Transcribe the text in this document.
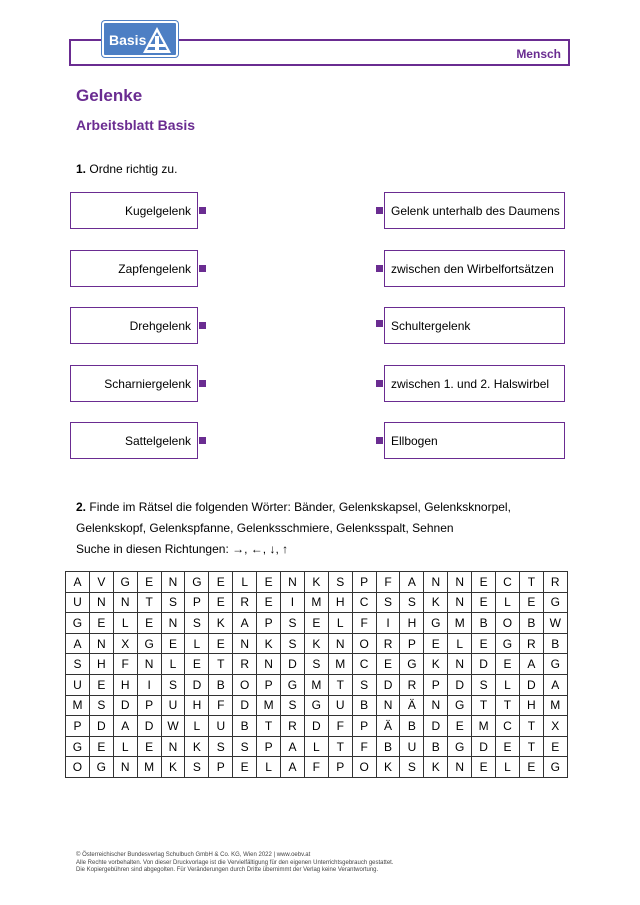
Mensch
Basis
Gelenke
Arbeitsblatt Basis
1. Ordne richtig zu.
Kugelgelenk
Zapfengelenk
Drehgelenk
Scharniergelenk
Sattelgelenk
Gelenk unterhalb des Daumens
zwischen den Wirbelfortsätzen
Schultergelenk
zwischen 1. und 2. Halswirbel
Ellbogen
2. Finde im Rätsel die folgenden Wörter: Bänder, Gelenkskapsel, Gelenksknorpel,
Gelenkskopf, Gelenkspfanne, Gelenksschmiere, Gelenksspalt, Sehnen
Suche in diesen Richtungen: →, ←, ↓, ↑
A	V	G	E	N	G	E	L	E	N	K	S	P	F	A	N	N	E	C	T	R
U	N	N	T	S	P	E	R	E	I	M	H	C	S	S	K	N	E	L	E	G
G	E	L	E	N	S	K	A	P	S	E	L	F	I	H	G	M	B	O	B	W
A	N	X	G	E	L	E	N	K	S	K	N	O	R	P	E	L	E	G	R	B
S	H	F	N	L	E	T	R	N	D	S	M	C	E	G	K	N	D	E	A	G
U	E	H	I	S	D	B	O	P	G	M	T	S	D	R	P	D	S	L	D	A
M	S	D	P	U	H	F	D	M	S	G	U	B	N	Ä	N	G	T	T	H	M
P	D	A	D	W	L	U	B	T	R	D	F	P	Ä	B	D	E	M	C	T	X
G	E	L	E	N	K	S	S	P	A	L	T	F	B	U	B	G	D	E	T	E
O	G	N	M	K	S	P	E	L	A	F	P	O	K	S	K	N	E	L	E	G
© Österreichischer Bundesverlag Schulbuch GmbH & Co. KG, Wien 2022 | www.oebv.at
Alle Rechte vorbehalten. Von dieser Druckvorlage ist die Vervielfältigung für den eigenen Unterrichtsgebrauch gestattet.
Die Kopiergebühren sind abgegolten. Für Veränderungen durch Dritte übernimmt der Verlag keine Verantwortung.
